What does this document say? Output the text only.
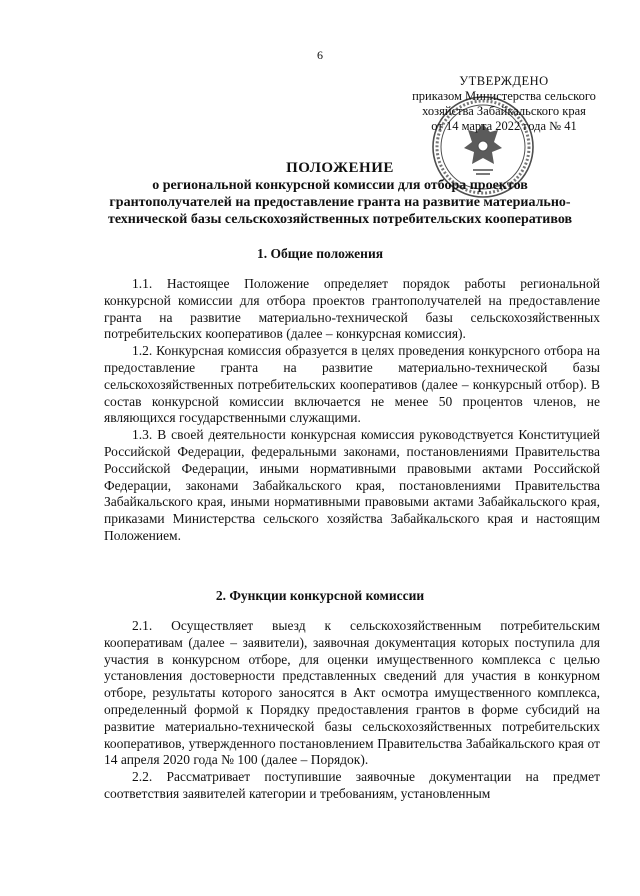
6
УТВЕРЖДЕНО
приказом Министерства сельского
хозяйства Забайкальского края
от 14 марта 2022 года № 41
ПОЛОЖЕНИЕ
о региональной конкурсной комиссии для отбора проектов
грантополучателей на предоставление гранта на развитие материально-
технической базы сельскохозяйственных потребительских кооперативов
1. Общие положения

1.1. Настоящее Положение определяет порядок работы региональной конкурсной комиссии для отбора проектов грантополучателей на предоставление гранта на развитие материально-технической базы сельскохозяйственных потребительских кооперативов (далее – конкурсная комиссия).

1.2. Конкурсная комиссия образуется в целях проведения конкурсного отбора на предоставление гранта на развитие материально-технической базы сельскохозяйственных потребительских кооперативов (далее – конкурсный отбор). В состав конкурсной комиссии включается не менее 50 процентов членов, не являющихся государственными служащими.

1.3. В своей деятельности конкурсная комиссия руководствуется Конституцией Российской Федерации, федеральными законами, постановлениями Правительства Российской Федерации, иными нормативными правовыми актами Российской Федерации, законами Забайкальского края, постановлениями Правительства Забайкальского края, иными нормативными правовыми актами Забайкальского края, приказами Министерства сельского хозяйства Забайкальского края и настоящим Положением.

2. Функции конкурсной комиссии

2.1. Осуществляет выезд к сельскохозяйственным потребительским кооперативам (далее – заявители), заявочная документация которых поступила для участия в конкурсном отборе, для оценки имущественного комплекса с целью установления достоверности представленных сведений для участия в конкурном отборе, результаты которого заносятся в Акт осмотра имущественного комплекса, определенный формой к Порядку предоставления грантов в форме субсидий на развитие материально-технической базы сельскохозяйственных потребительских кооперативов, утвержденного постановлением Правительства Забайкальского края от 14 апреля 2020 года № 100 (далее – Порядок).

2.2. Рассматривает поступившие заявочные документации на предмет соответствия заявителей категории и требованиям, установленным
